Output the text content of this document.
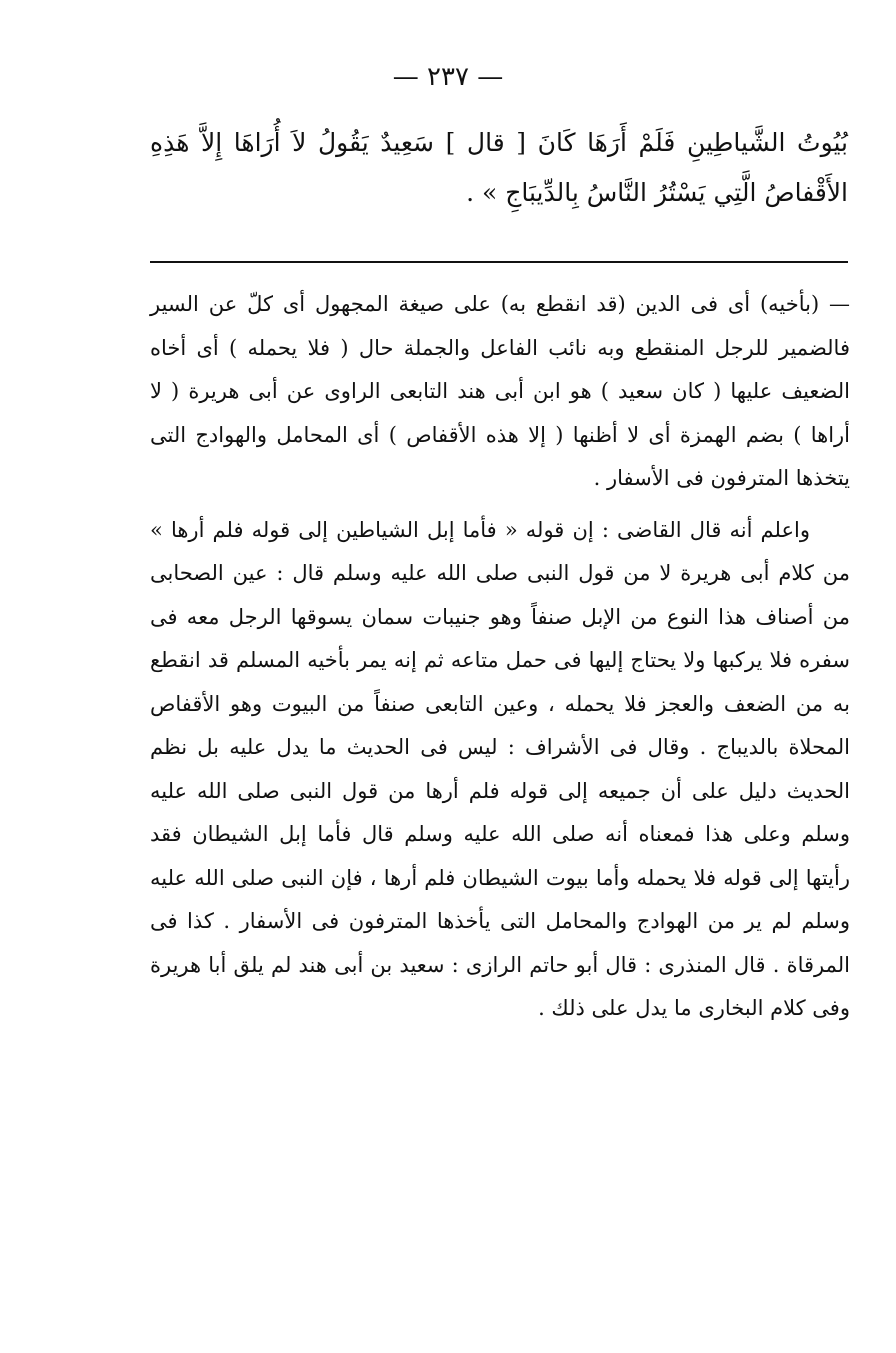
— ٢٣٧ —
بُيُوتُ الشَّياطِينِ فَلَمْ أَرَهَا كَانَ [ قال ] سَعِيدٌ يَقُولُ لاَ أُرَاهَا إِلاَّ هَذِهِ الأَقْفاصُ الَّتِي يَسْتُرُ النَّاسُ بِالدِّيبَاجِ » .

— (بأخيه) أى فى الدين (قد انقطع به) على صيغة المجهول أى كلّ عن السير فالضمير للرجل المنقطع وبه نائب الفاعل والجملة حال ( فلا يحمله ) أى أخاه الضعيف عليها ( كان سعيد ) هو ابن أبى هند التابعى الراوى عن أبى هريرة ( لا أراها ) بضم الهمزة أى لا أظنها ( إلا هذه الأقفاص ) أى المحامل والهوادج التى يتخذها المترفون فى الأسفار .

واعلم أنه قال القاضى : إن قوله « فأما إبل الشياطين إلى قوله فلم أرها » من كلام أبى هريرة لا من قول النبى صلى الله عليه وسلم قال : عين الصحابى من أصناف هذا النوع من الإبل صنفاً وهو جنيبات سمان يسوقها الرجل معه فى سفره فلا يركبها ولا يحتاج إليها فى حمل متاعه ثم إنه يمر بأخيه المسلم قد انقطع به من الضعف والعجز فلا يحمله ، وعين التابعى صنفاً من البيوت وهو الأقفاص المحلاة بالديباج . وقال فى الأشراف : ليس فى الحديث ما يدل عليه بل نظم الحديث دليل على أن جميعه إلى قوله فلم أرها من قول النبى صلى الله عليه وسلم وعلى هذا فمعناه أنه صلى الله عليه وسلم قال فأما إبل الشيطان فقد رأيتها إلى قوله فلا يحمله وأما بيوت الشيطان فلم أرها ، فإن النبى صلى الله عليه وسلم لم ير من الهوادج والمحامل التى يأخذها المترفون فى الأسفار . كذا فى المرقاة . قال المنذرى : قال أبو حاتم الرازى : سعيد بن أبى هند لم يلق أبا هريرة وفى كلام البخارى ما يدل على ذلك .
